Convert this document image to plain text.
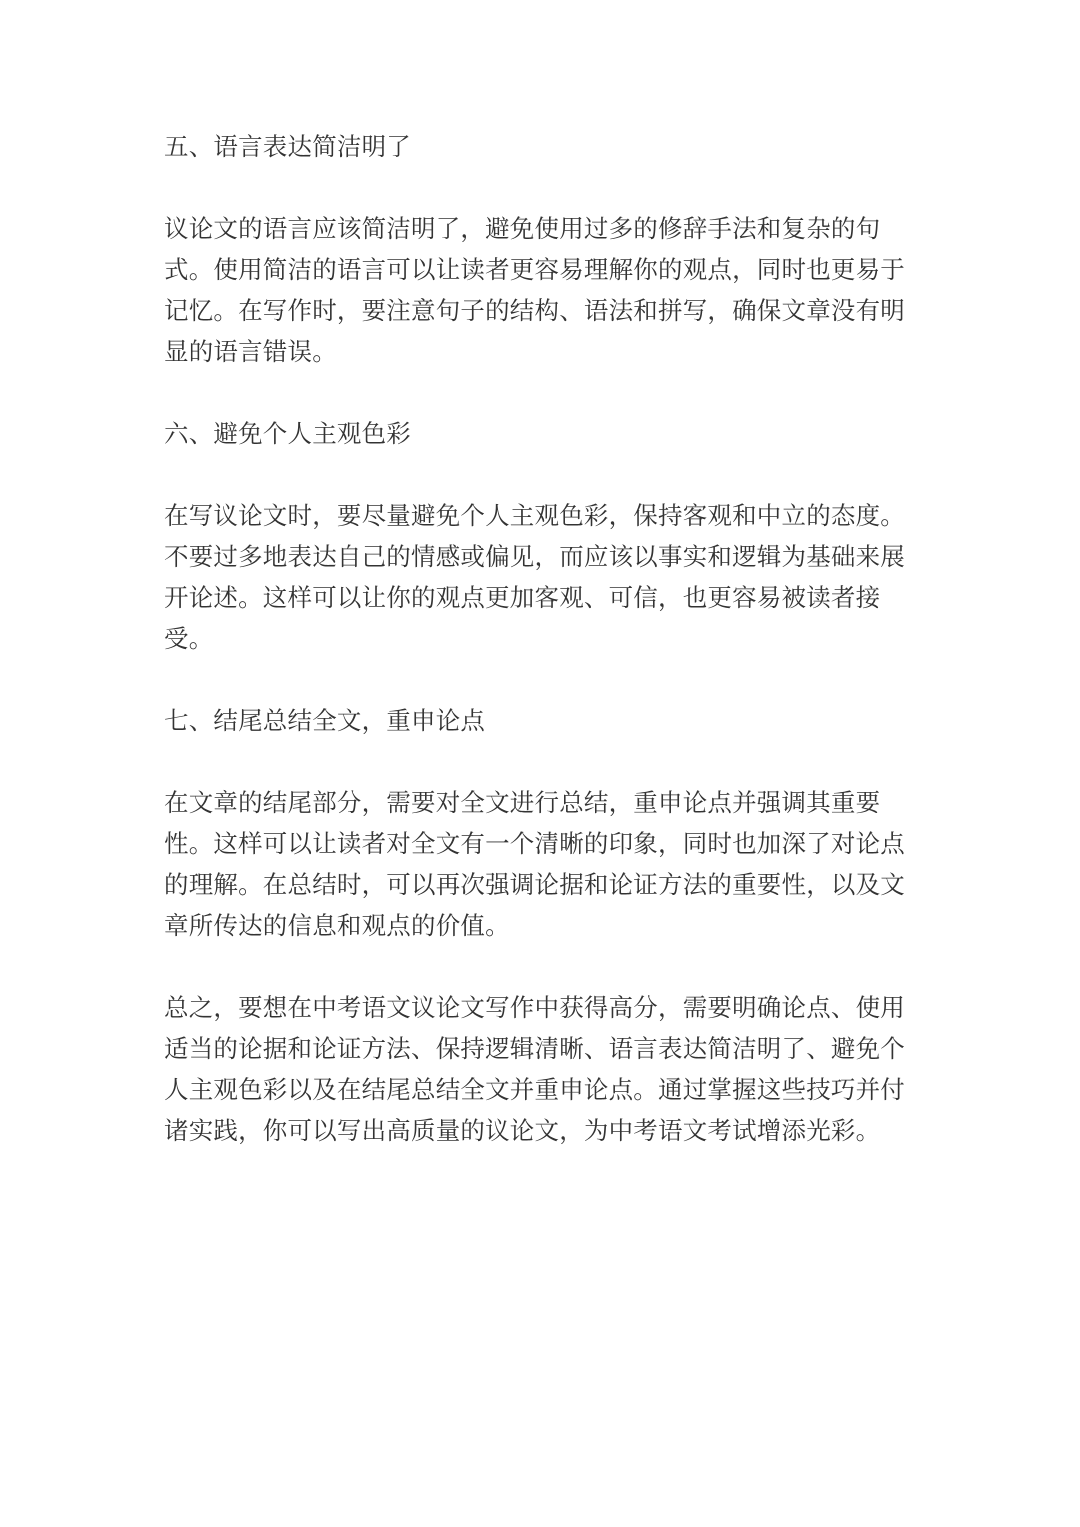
五、语言表达简洁明了

议论文的语言应该简洁明了，避免使用过多的修辞手法和复杂的句式。使用简洁的语言可以让读者更容易理解你的观点，同时也更易于记忆。在写作时，要注意句子的结构、语法和拼写，确保文章没有明显的语言错误。

六、避免个人主观色彩

在写议论文时，要尽量避免个人主观色彩，保持客观和中立的态度。不要过多地表达自己的情感或偏见，而应该以事实和逻辑为基础来展开论述。这样可以让你的观点更加客观、可信，也更容易被读者接受。

七、结尾总结全文，重申论点

在文章的结尾部分，需要对全文进行总结，重申论点并强调其重要性。这样可以让读者对全文有一个清晰的印象，同时也加深了对论点的理解。在总结时，可以再次强调论据和论证方法的重要性，以及文章所传达的信息和观点的价值。

总之，要想在中考语文议论文写作中获得高分，需要明确论点、使用适当的论据和论证方法、保持逻辑清晰、语言表达简洁明了、避免个人主观色彩以及在结尾总结全文并重申论点。通过掌握这些技巧并付诸实践，你可以写出高质量的议论文，为中考语文考试增添光彩。
